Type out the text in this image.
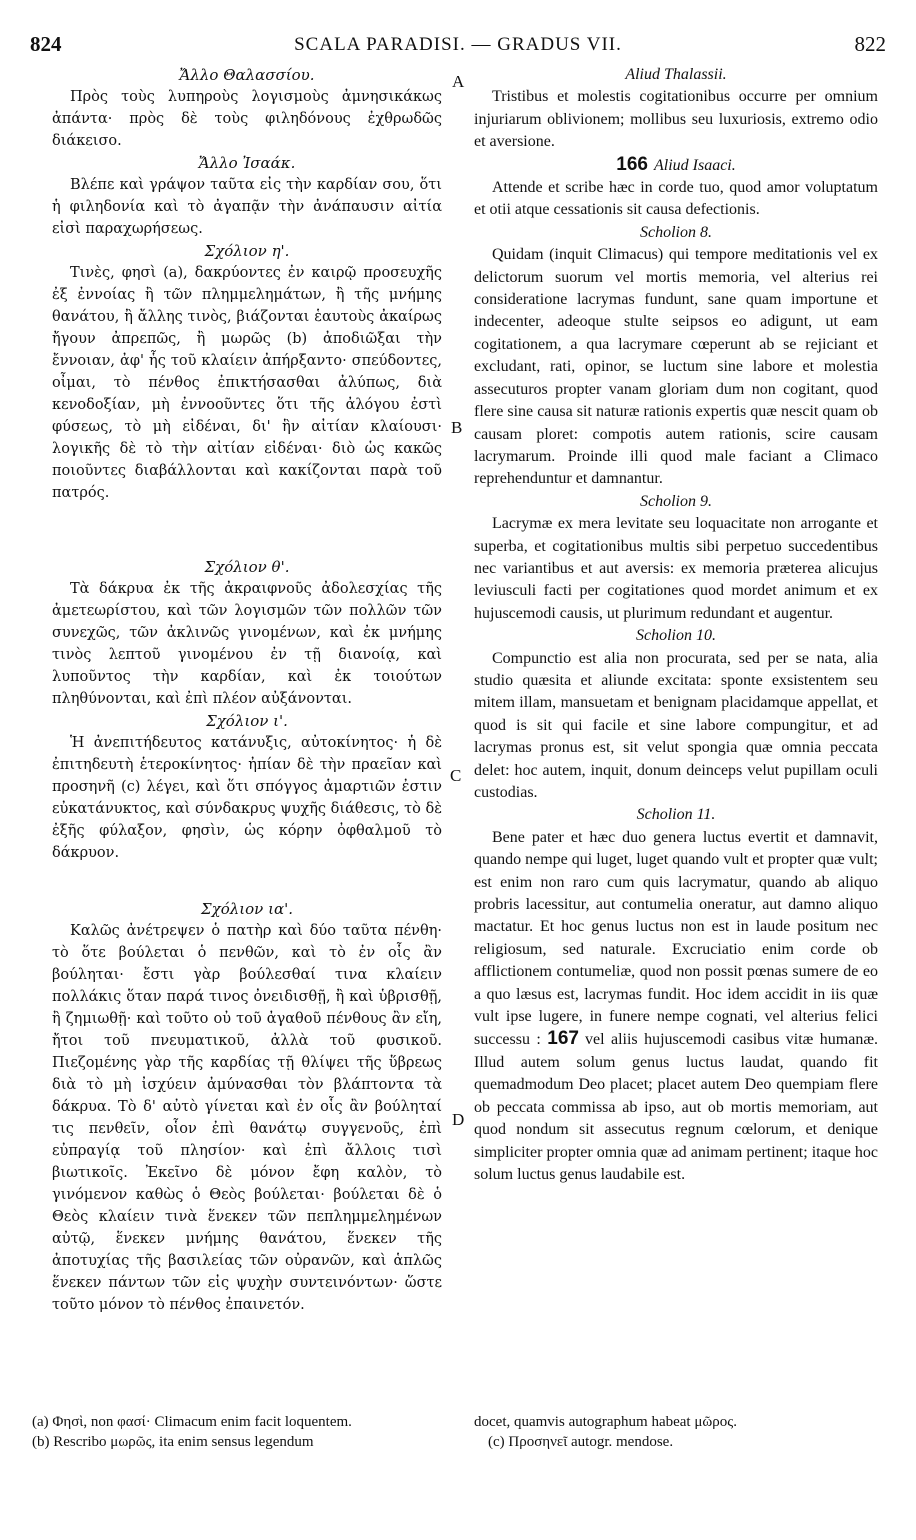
824	SCALA PARADISI. — GRADUS VII.	822
A
B
C
D

Ἄλλο Θαλασσίου.

Πρὸς τοὺς λυπηροὺς λογισμοὺς ἀμνησικάκως ἀπάντα· πρὸς δὲ τοὺς φιληδόνους ἐχθρωδῶς διάκεισο.

Ἄλλο Ἰσαάκ.

Βλέπε καὶ γράψον ταῦτα εἰς τὴν καρδίαν σου, ὅτι ἡ φιληδονία καὶ τὸ ἀγαπᾷν τὴν ἀνάπαυσιν αἰτία εἰσὶ παραχωρήσεως.

Σχόλιον η'.

Τινὲς, φησὶ (a), δακρύοντες ἐν καιρῷ προσευχῆς ἐξ ἐννοίας ἢ τῶν πλημμελημάτων, ἢ τῆς μνήμης θανάτου, ἢ ἄλλης τινὸς, βιάζονται ἑαυτοὺς ἀκαίρως ἤγουν ἀπρεπῶς, ἢ μωρῶς (b) ἀποδιῶξαι τὴν ἔννοιαν, ἀφ' ἧς τοῦ κλαίειν ἀπήρξαντο· σπεύδοντες, οἶμαι, τὸ πένθος ἐπικτήσασθαι ἀλύπως, διὰ κενοδοξίαν, μὴ ἐννοοῦντες ὅτι τῆς ἀλόγου ἐστὶ φύσεως, τὸ μὴ εἰδέναι, δι' ἣν αἰτίαν κλαίουσι· λογικῆς δὲ τὸ τὴν αἰτίαν εἰδέναι· διὸ ὡς κακῶς ποιοῦντες διαβάλλονται καὶ κακίζονται παρὰ τοῦ πατρός.

Σχόλιον θ'.

Τὰ δάκρυα ἐκ τῆς ἀκραιφνοῦς ἀδολεσχίας τῆς ἀμετεωρίστου, καὶ τῶν λογισμῶν τῶν πολλῶν τῶν συνεχῶς, τῶν ἀκλινῶς γινομένων, καὶ ἐκ μνήμης τινὸς λεπτοῦ γινομένου ἐν τῇ διανοίᾳ, καὶ λυποῦντος τὴν καρδίαν, καὶ ἐκ τοιούτων πληθύνονται, καὶ ἐπὶ πλέον αὐξάνονται.

Σχόλιον ι'.

Ἡ ἀνεπιτήδευτος κατάνυξις, αὐτοκίνητος· ἡ δὲ ἐπιτηδευτὴ ἑτεροκίνητος· ἠπίαν δὲ τὴν πραεῖαν καὶ προσηνῆ (c) λέγει, καὶ ὅτι σπόγγος ἁμαρτιῶν ἐστιν εὐκατάνυκτος, καὶ σύνδακρυς ψυχῆς διάθεσις, τὸ δὲ ἐξῆς φύλαξον, φησὶν, ὡς κόρην ὀφθαλμοῦ τὸ δάκρυον.

Σχόλιον ια'.

Καλῶς ἀνέτρεψεν ὁ πατὴρ καὶ δύο ταῦτα πένθη· τὸ ὅτε βούλεται ὁ πενθῶν, καὶ τὸ ἐν οἷς ἂν βούληται· ἔστι γὰρ βούλεσθαί τινα κλαίειν πολλάκις ὅταν παρά τινος ὀνειδισθῇ, ἢ καὶ ὑβρισθῇ, ἢ ζημιωθῇ· καὶ τοῦτο οὐ τοῦ ἀγαθοῦ πένθους ἂν εἴη, ἤτοι τοῦ πνευματικοῦ, ἀλλὰ τοῦ φυσικοῦ. Πιεζομένης γὰρ τῆς καρδίας τῇ θλίψει τῆς ὕβρεως διὰ τὸ μὴ ἰσχύειν ἀμύνασθαι τὸν βλάπτοντα τὰ δάκρυα. Τὸ δ' αὐτὸ γίνεται καὶ ἐν οἷς ἂν βούληταί τις πενθεῖν, οἷον ἐπὶ θανάτῳ συγγενοῦς, ἐπὶ εὐπραγίᾳ τοῦ πλησίον· καὶ ἐπὶ ἄλλοις τισὶ βιωτικοῖς. Ἐκεῖνο δὲ μόνον ἔφη καλὸν, τὸ γινόμενον καθὼς ὁ Θεὸς βούλεται· βούλεται δὲ ὁ Θεὸς κλαίειν τινὰ ἕνεκεν τῶν πεπλημμελημένων αὐτῷ, ἕνεκεν μνήμης θανάτου, ἕνεκεν τῆς ἀποτυχίας τῆς βασιλείας τῶν οὐρανῶν, καὶ ἁπλῶς ἕνεκεν πάντων τῶν εἰς ψυχὴν συντεινόντων· ὥστε τοῦτο μόνον τὸ πένθος ἐπαινετόν.

Aliud Thalassii.

Tristibus et molestis cogitationibus occurre per omnium injuriarum oblivionem; mollibus seu luxuriosis, extremo odio et aversione.

166 Aliud Isaaci.

Attende et scribe hæc in corde tuo, quod amor voluptatum et otii atque cessationis sit causa defectionis.

Scholion 8.

Quidam (inquit Climacus) qui tempore meditationis vel ex delictorum suorum vel mortis memoria, vel alterius rei consideratione lacrymas fundunt, sane quam importune et indecenter, adeoque stulte seipsos eo adigunt, ut eam cogitationem, a qua lacrymare cœperunt ab se rejiciant et excludant, rati, opinor, se luctum sine labore et molestia assecuturos propter vanam gloriam dum non cogitant, quod flere sine causa sit naturæ rationis expertis quæ nescit quam ob causam ploret: compotis autem rationis, scire causam lacrymarum. Proinde illi quod male faciant a Climaco reprehenduntur et damnantur.

Scholion 9.

Lacrymæ ex mera levitate seu loquacitate non arrogante et superba, et cogitationibus multis sibi perpetuo succedentibus nec variantibus et aut aversis: ex memoria præterea alicujus leviusculi facti per cogitationes quod mordet animum et ex hujuscemodi causis, ut plurimum redundant et augentur.

Scholion 10.

Compunctio est alia non procurata, sed per se nata, alia studio quæsita et aliunde excitata: sponte exsistentem seu mitem illam, mansuetam et benignam placidamque appellat, et quod is sit qui facile et sine labore compungitur, et ad lacrymas pronus est, sit velut spongia quæ omnia peccata delet: hoc autem, inquit, donum deinceps velut pupillam oculi custodias.

Scholion 11.

Bene pater et hæc duo genera luctus evertit et damnavit, quando nempe qui luget, luget quando vult et propter quæ vult; est enim non raro cum quis lacrymatur, quando ab aliquo probris lacessitur, aut contumelia oneratur, aut damno aliquo mactatur. Et hoc genus luctus non est in laude positum nec religiosum, sed naturale. Excruciatio enim corde ob afflictionem contumeliæ, quod non possit pœnas sumere de eo a quo læsus est, lacrymas fundit. Hoc idem accidit in iis quæ vult ipse lugere, in funere nempe cognati, vel alterius felici successu : 167 vel aliis hujuscemodi casibus vitæ humanæ. Illud autem solum genus luctus laudat, quando fit quemadmodum Deo placet; placet autem Deo quempiam flere ob peccata commissa ab ipso, aut ob mortis memoriam, aut quod nondum sit assecutus regnum cœlorum, et denique simpliciter propter omnia quæ ad animam pertinent; itaque hoc solum luctus genus laudabile est.

(a) Φησὶ, non φασί· Climacum enim facit loquentem.

(b) Rescribo μωρῶς, ita enim sensus legendum

docet, quamvis autographum habeat μῶρος.

(c) Προσηνεῖ autogr. mendose.
